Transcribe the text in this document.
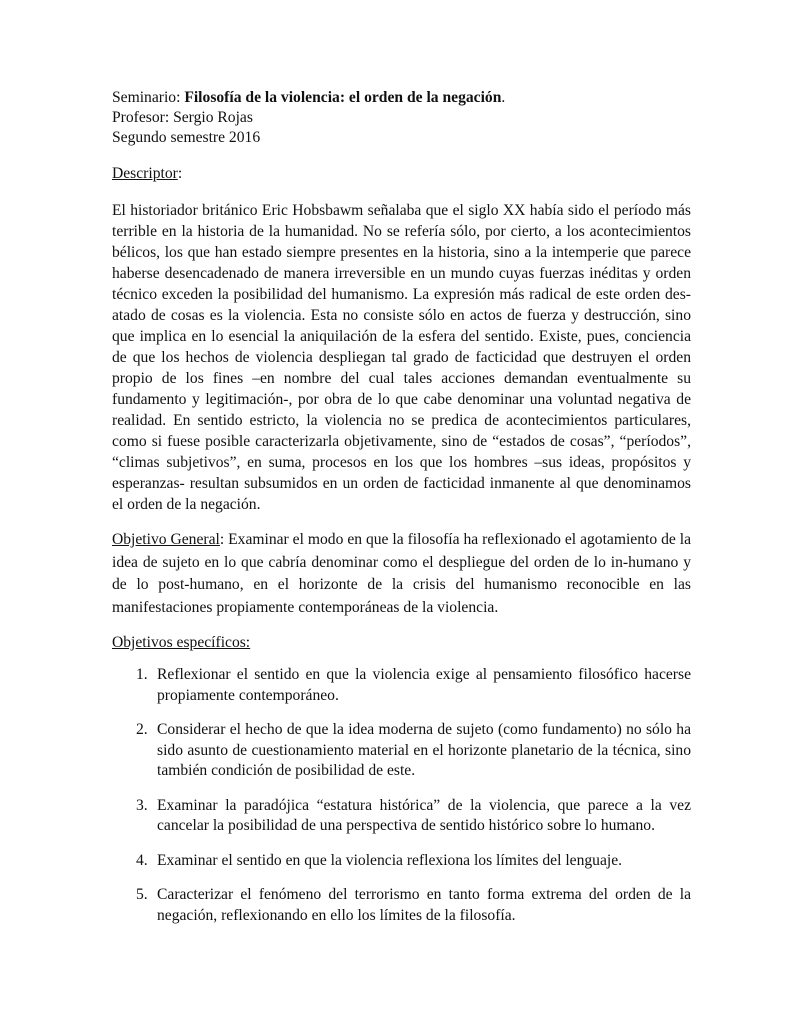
Seminario: Filosofía de la violencia: el orden de la negación.

Profesor: Sergio Rojas

Segundo semestre 2016

Descriptor:

El historiador británico Eric Hobsbawm señalaba que el siglo XX había sido el período más terrible en la historia de la humanidad. No se refería sólo, por cierto, a los acontecimientos bélicos, los que han estado siempre presentes en la historia, sino a la intemperie que parece haberse desencadenado de manera irreversible en un mundo cuyas fuerzas inéditas y orden técnico exceden la posibilidad del humanismo. La expresión más radical de este orden desatado de cosas es la violencia. Esta no consiste sólo en actos de fuerza y destrucción, sino que implica en lo esencial la aniquilación de la esfera del sentido. Existe, pues, conciencia de que los hechos de violencia despliegan tal grado de facticidad que destruyen el orden propio de los fines –en nombre del cual tales acciones demandan eventualmente su fundamento y legitimación-, por obra de lo que cabe denominar una voluntad negativa de realidad. En sentido estricto, la violencia no se predica de acontecimientos particulares, como si fuese posible caracterizarla objetivamente, sino de “estados de cosas”, “períodos”, “climas subjetivos”, en suma, procesos en los que los hombres –sus ideas, propósitos y esperanzas- resultan subsumidos en un orden de facticidad inmanente al que denominamos el orden de la negación.

Objetivo General: Examinar el modo en que la filosofía ha reflexionado el agotamiento de la idea de sujeto en lo que cabría denominar como el despliegue del orden de lo in-humano y de lo post-humano, en el horizonte de la crisis del humanismo reconocible en las manifestaciones propiamente contemporáneas de la violencia.

Objetivos específicos:

1. Reflexionar el sentido en que la violencia exige al pensamiento filosófico hacerse propiamente contemporáneo.
2. Considerar el hecho de que la idea moderna de sujeto (como fundamento) no sólo ha sido asunto de cuestionamiento material en el horizonte planetario de la técnica, sino también condición de posibilidad de este.
3. Examinar la paradójica “estatura histórica” de la violencia, que parece a la vez cancelar la posibilidad de una perspectiva de sentido histórico sobre lo humano.
4. Examinar el sentido en que la violencia reflexiona los límites del lenguaje.
5. Caracterizar el fenómeno del terrorismo en tanto forma extrema del orden de la negación, reflexionando en ello los límites de la filosofía.
